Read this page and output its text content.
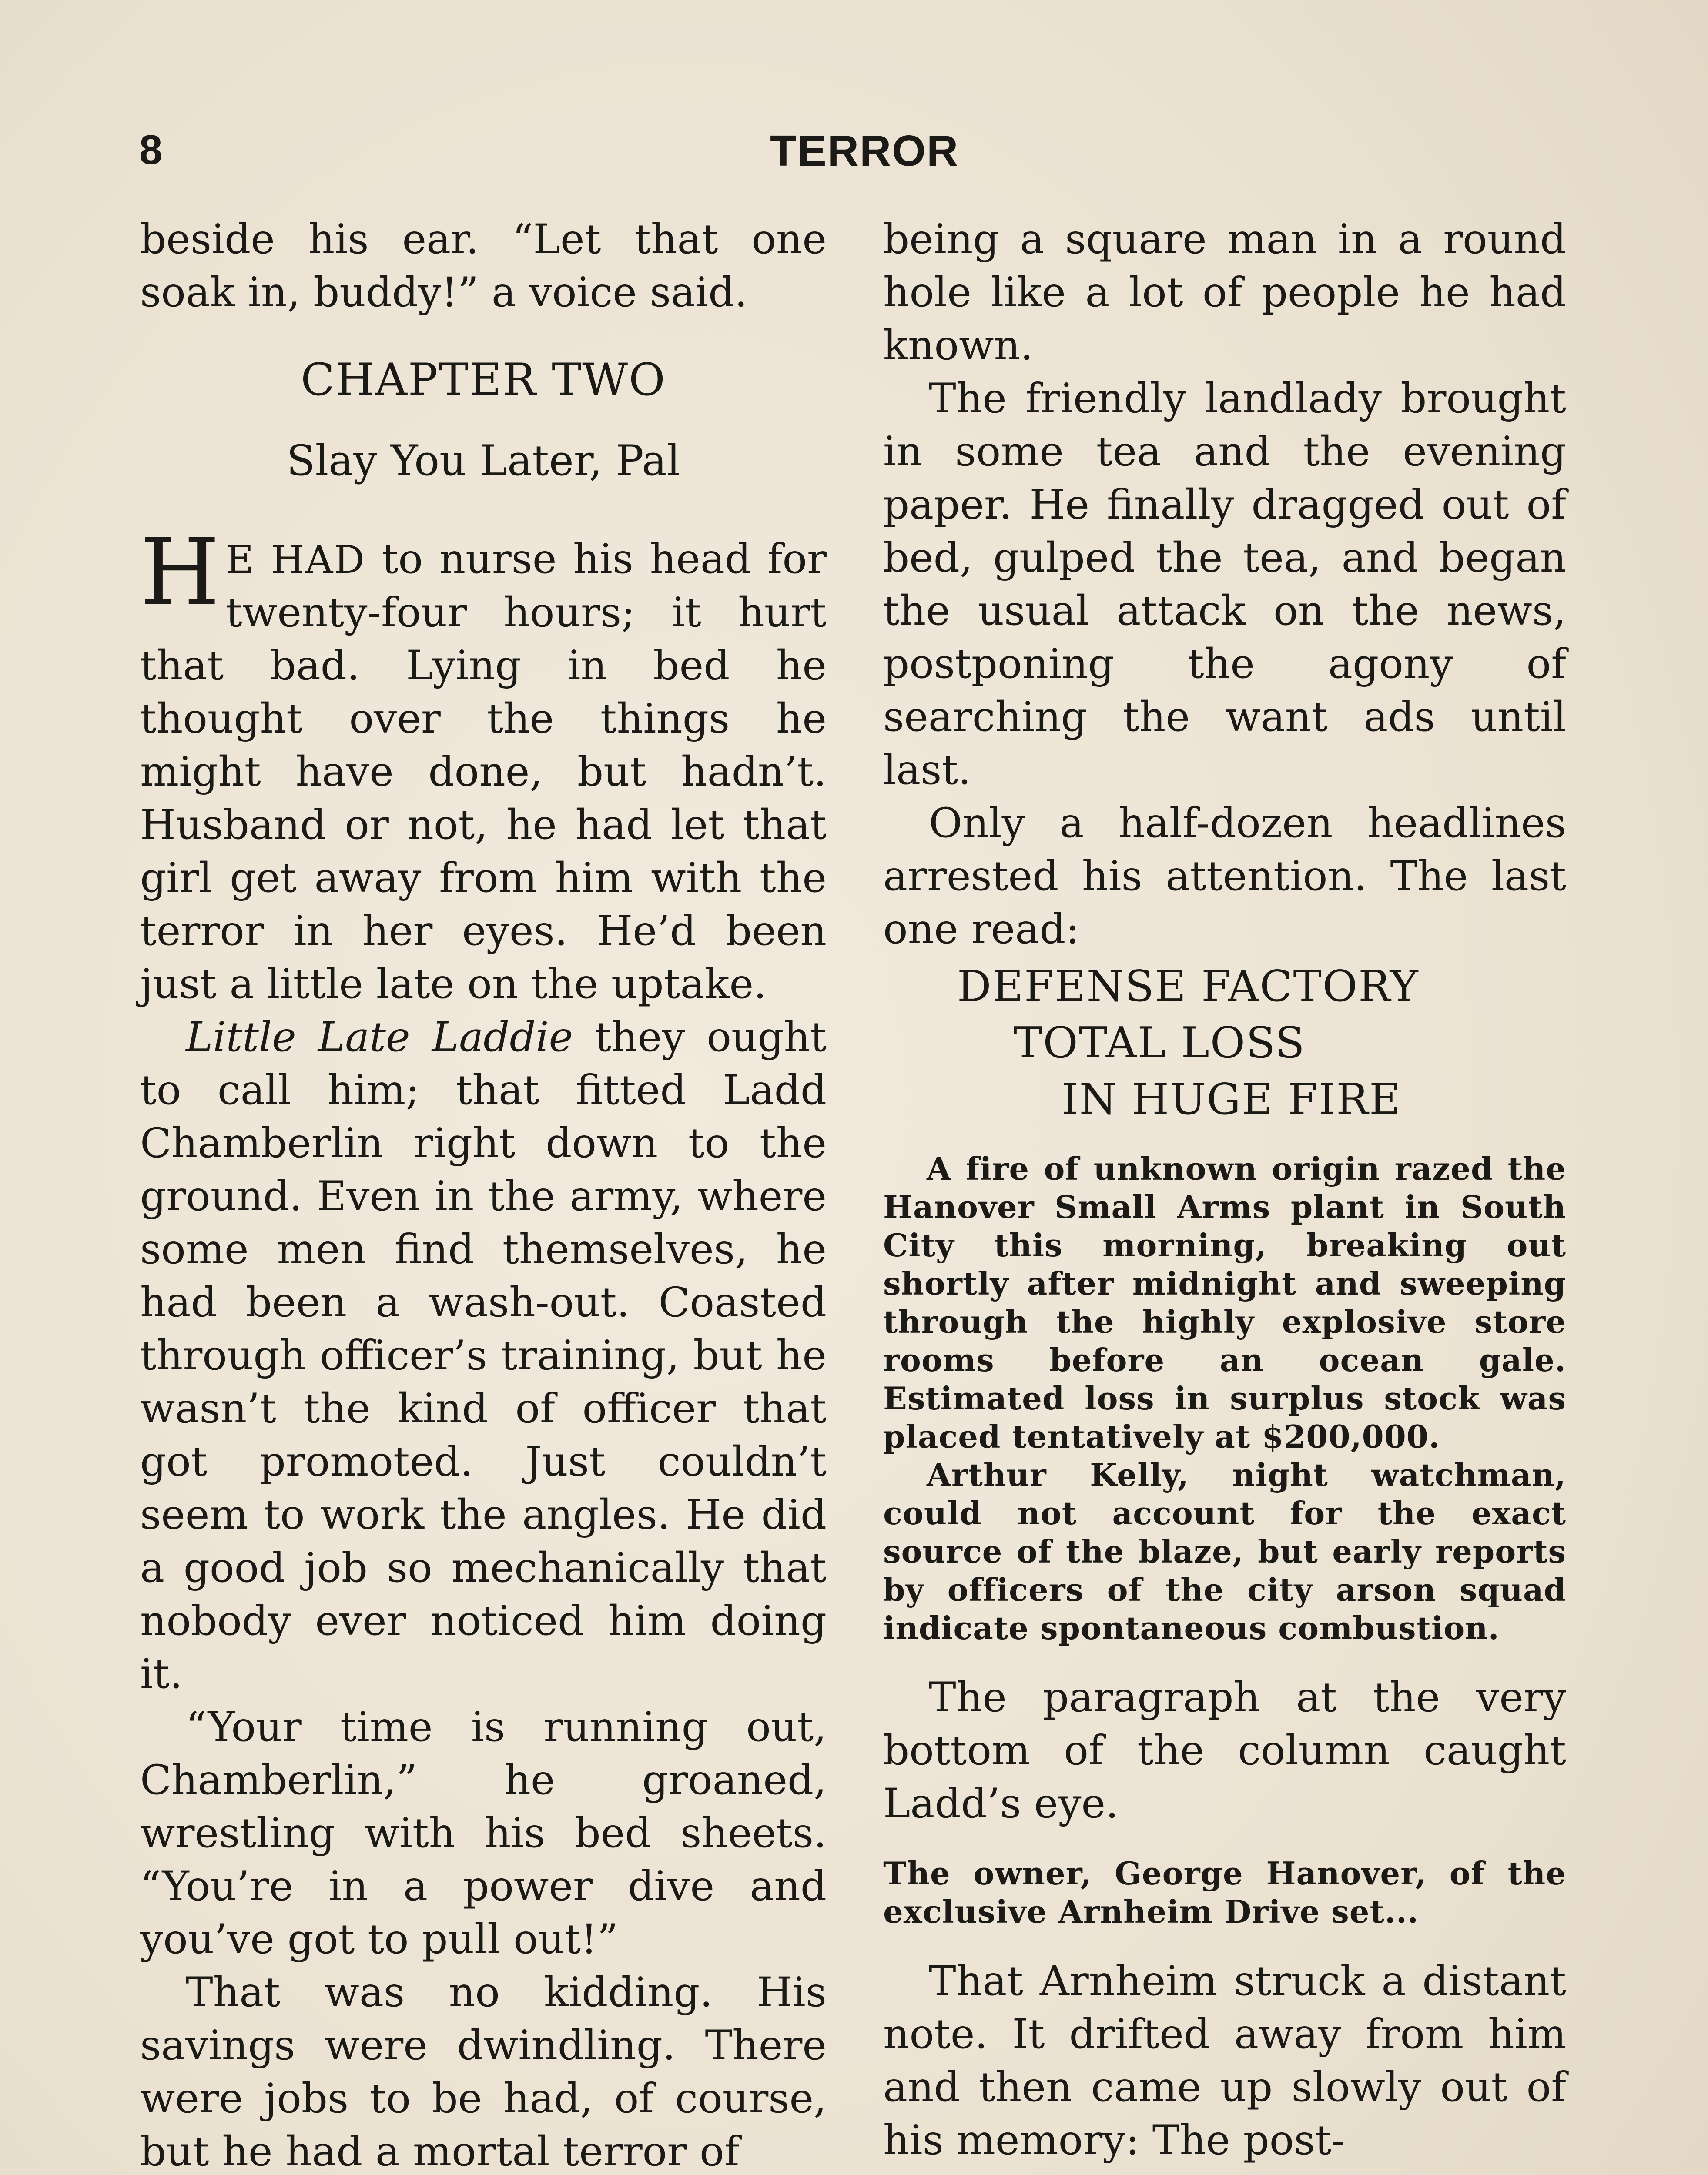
8	TERROR

beside his ear. “Let that one soak in, buddy!” a voice said.

CHAPTER TWO

Slay You Later, Pal

H E HAD to nurse his head for twenty-four hours; it hurt that bad. Lying in bed he thought over the things he might have done, but hadn’t. Husband or not, he had let that girl get away from him with the terror in her eyes. He’d been just a little late on the uptake.

Little Late Laddie they ought to call him; that fitted Ladd Chamberlin right down to the ground. Even in the army, where some men find themselves, he had been a wash-out. Coasted through officer’s training, but he wasn’t the kind of officer that got promoted. Just couldn’t seem to work the angles. He did a good job so mechanically that nobody ever noticed him doing it.

“Your time is running out, Chamberlin,” he groaned, wrestling with his bed sheets. “You’re in a power dive and you’ve got to pull out!”

That was no kidding. His savings were dwindling. There were jobs to be had, of course, but he had a mortal terror of

being a square man in a round hole like a lot of people he had known.

The friendly landlady brought in some tea and the evening paper. He finally dragged out of bed, gulped the tea, and began the usual attack on the news, postponing the agony of searching the want ads until last.

Only a half-dozen headlines arrested his attention. The last one read:

DEFENSE FACTORY

TOTAL LOSS

IN HUGE FIRE

A fire of unknown origin razed the Hanover Small Arms plant in South City this morning, breaking out shortly after midnight and sweeping through the highly explosive store rooms before an ocean gale. Estimated loss in surplus stock was placed tentatively at $200,000.

Arthur Kelly, night watchman, could not account for the exact source of the blaze, but early reports by officers of the city arson squad indicate spontaneous combustion.

The paragraph at the very bottom of the column caught Ladd’s eye.

The owner, George Hanover, of the exclusive Arnheim Drive set...

That Arnheim struck a distant note. It drifted away from him and then came up slowly out of his memory: The post-
